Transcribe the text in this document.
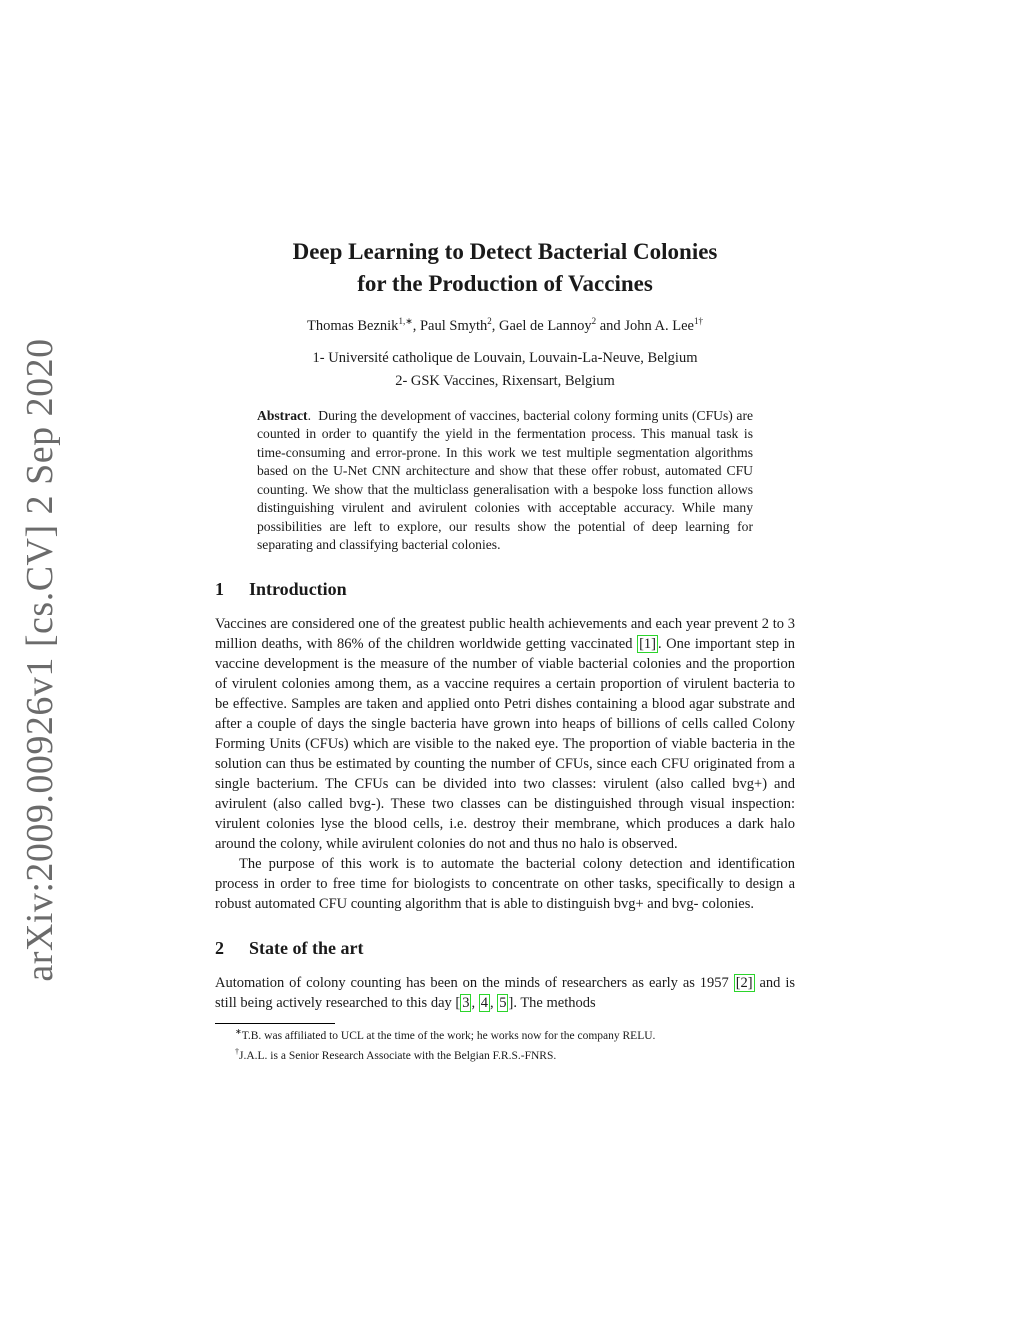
arXiv:2009.00926v1 [cs.CV] 2 Sep 2020
Deep Learning to Detect Bacterial Colonies
for the Production of Vaccines
Thomas Beznik$^{1,∗}$, Paul Smyth$^2$, Gael de Lannoy$^2$ and John A. Lee$^{1\dagger}$
1- Université catholique de Louvain, Louvain-La-Neuve, Belgium
2- GSK Vaccines, Rixensart, Belgium
Abstract.  During the development of vaccines, bacterial colony forming units (CFUs) are counted in order to quantify the yield in the fermentation process. This manual task is time-consuming and error-prone. In this work we test multiple segmentation algorithms based on the U-Net CNN architecture and show that these offer robust, automated CFU counting. We show that the multiclass generalisation with a bespoke loss function allows distinguishing virulent and avirulent colonies with acceptable accuracy. While many possibilities are left to explore, our results show the potential of deep learning for separating and classifying bacterial colonies.
1 Introduction

Vaccines are considered one of the greatest public health achievements and each year prevent 2 to 3 million deaths, with 86% of the children worldwide getting vaccinated [1] . One important step in vaccine development is the measure of the number of viable bacterial colonies and the proportion of virulent colonies among them, as a vaccine requires a certain proportion of virulent bacteria to be effective. Samples are taken and applied onto Petri dishes containing a blood agar substrate and after a couple of days the single bacteria have grown into heaps of billions of cells called Colony Forming Units (CFUs) which are visible to the naked eye. The proportion of viable bacteria in the solution can thus be estimated by counting the number of CFUs, since each CFU originated from a single bacterium. The CFUs can be divided into two classes: virulent (also called bvg+) and avirulent (also called bvg-). These two classes can be distinguished through visual inspection: virulent colonies lyse the blood cells, i.e. destroy their membrane, which produces a dark halo around the colony, while avirulent colonies do not and thus no halo is observed.

The purpose of this work is to automate the bacterial colony detection and identification process in order to free time for biologists to concentrate on other tasks, specifically to design a robust automated CFU counting algorithm that is able to distinguish bvg+ and bvg- colonies.

2 State of the art

Automation of colony counting has been on the minds of researchers as early as 1957 [2] and is still being actively researched to this day [ 3 , 4 , 5 ]. The methods

∗T.B. was affiliated to UCL at the time of the work; he works now for the company RELU.
†J.A.L. is a Senior Research Associate with the Belgian F.R.S.-FNRS.
